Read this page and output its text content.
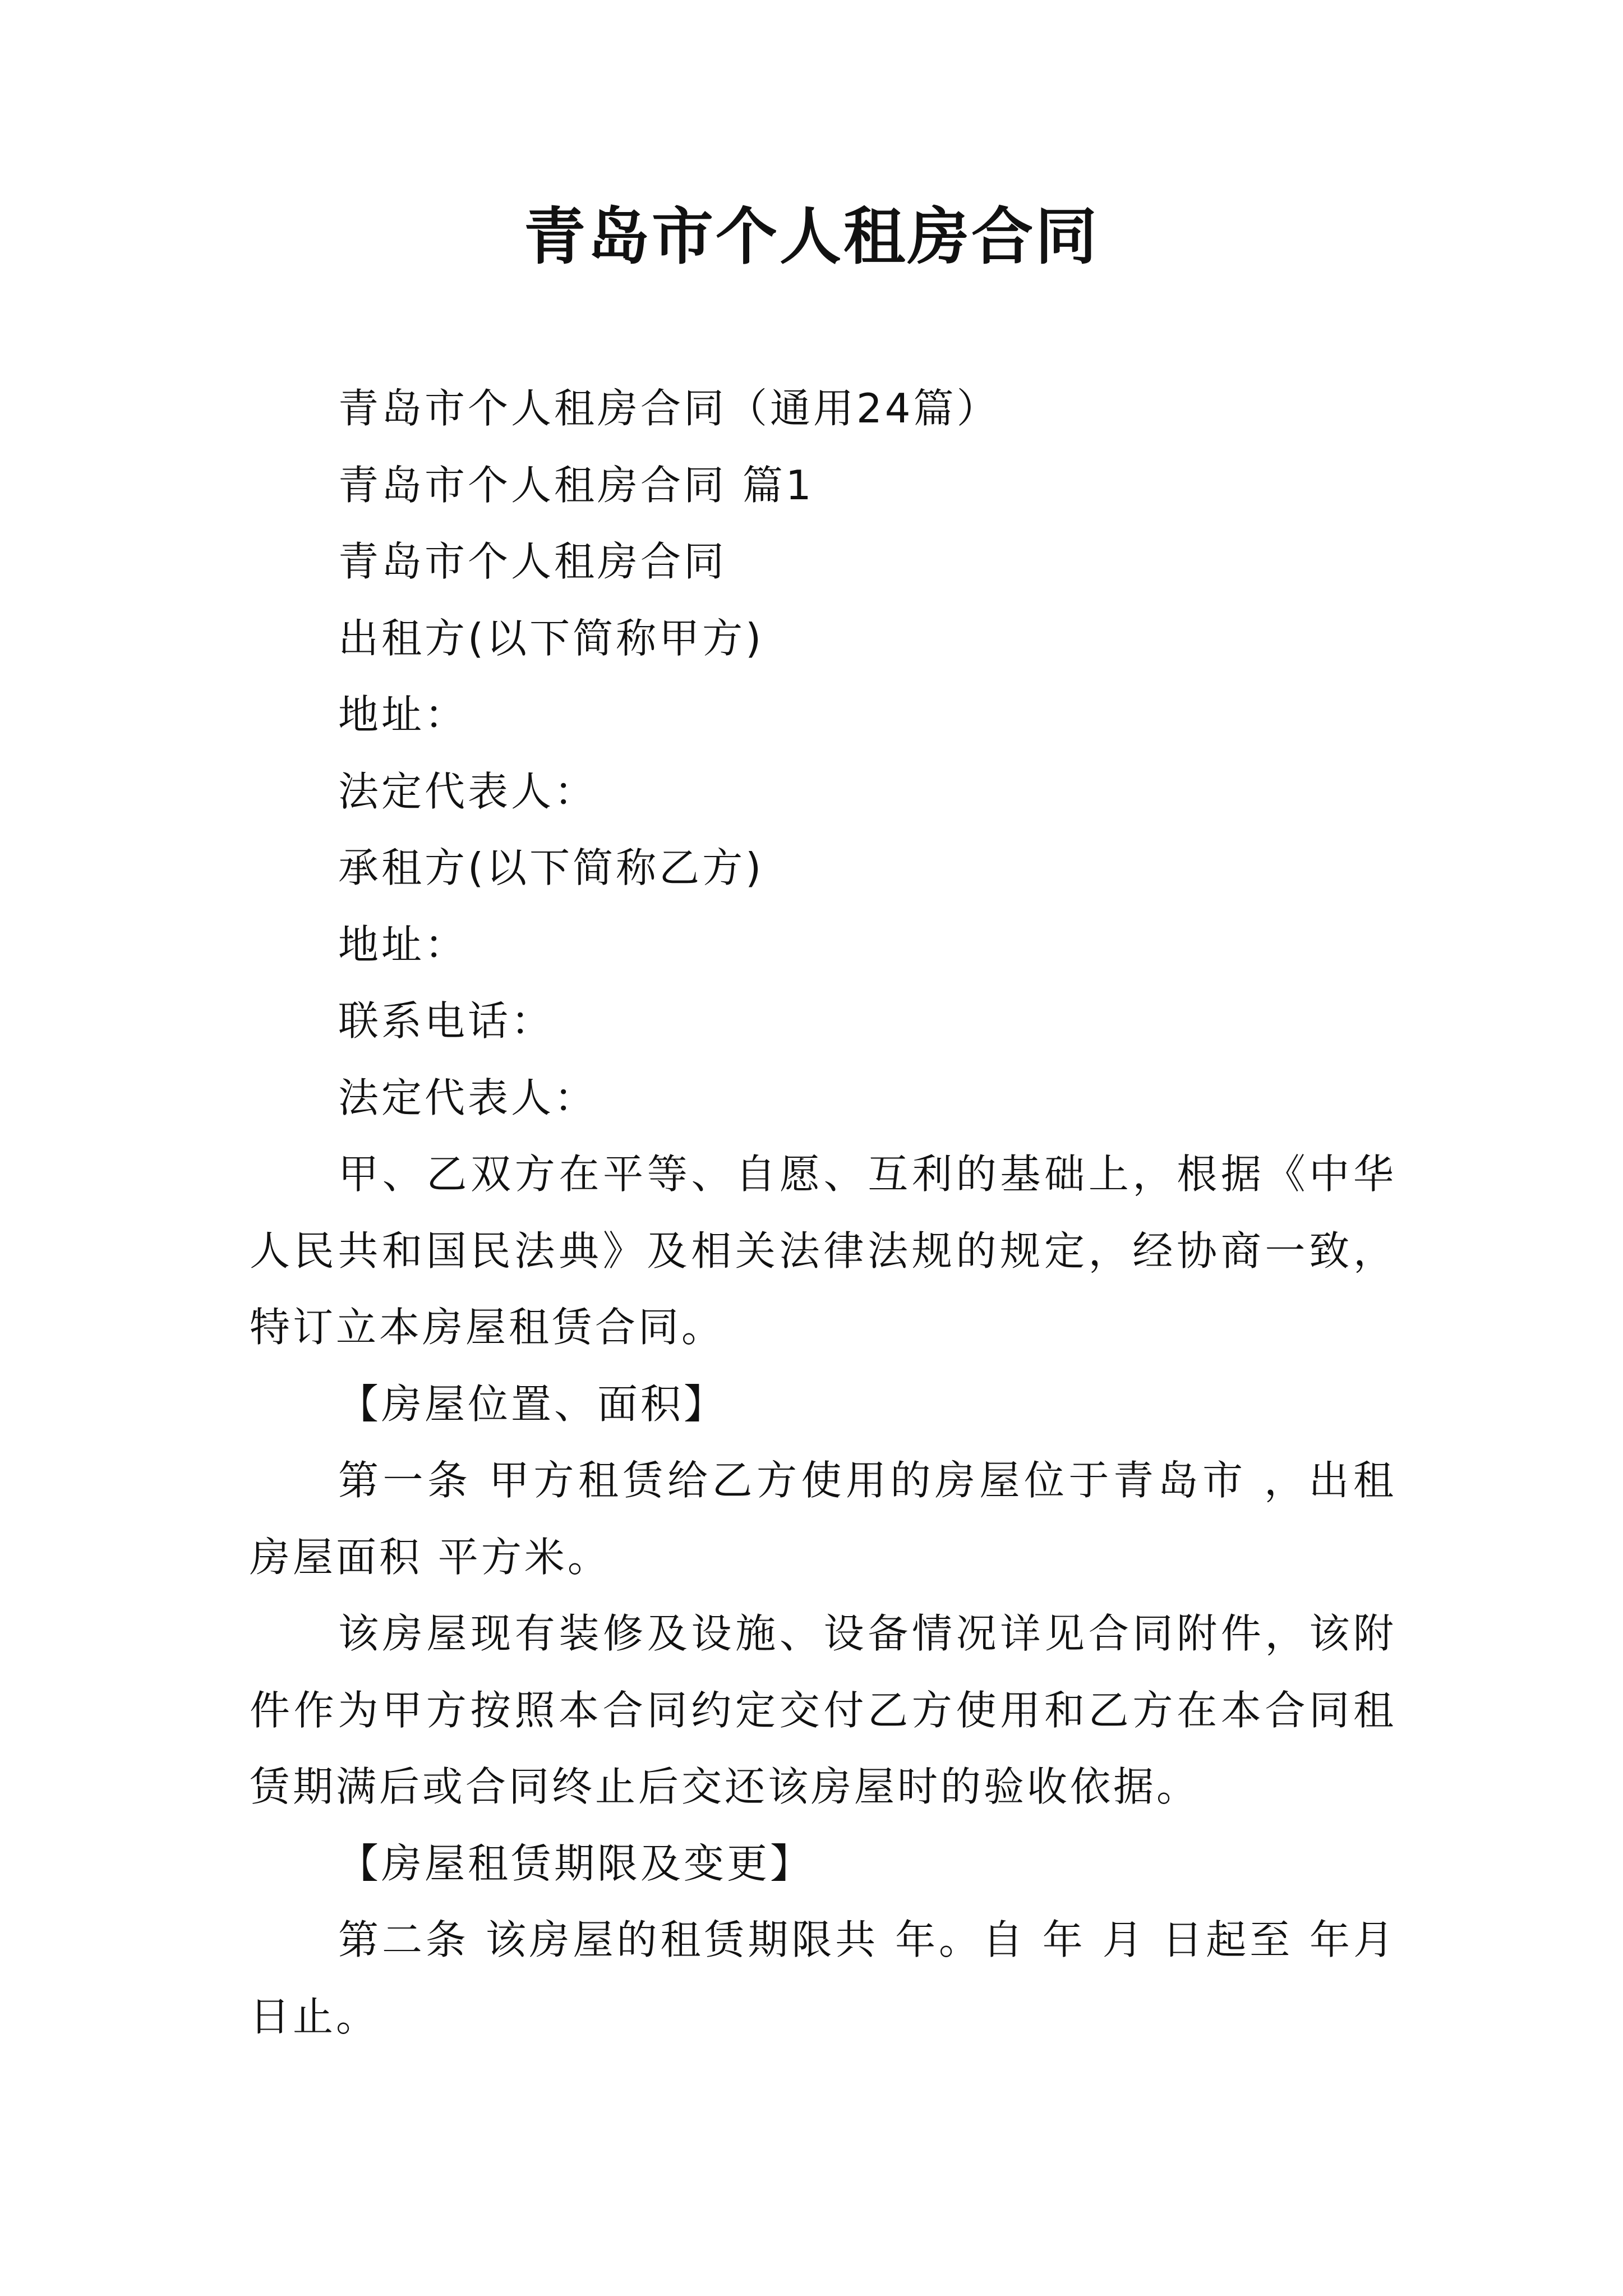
青岛市个人租房合同
青岛市个人租房合同（通用24篇）
青岛市个人租房合同 篇1
青岛市个人租房合同
出租方(以下简称甲方)
地址：
法定代表人：
承租方(以下简称乙方)
地址：
联系电话：
法定代表人：

甲、乙双方在平等、自愿、互利的基础上，根据《中华人民共和国民法典》及相关法律法规的规定，经协商一致，特订立本房屋租赁合同。

【房屋位置、面积】

第一条 甲方租赁给乙方使用的房屋位于青岛市 ，出租房屋面积 平方米。

该房屋现有装修及设施、设备情况详见合同附件，该附件作为甲方按照本合同约定交付乙方使用和乙方在本合同租赁期满后或合同终止后交还该房屋时的验收依据。

【房屋租赁期限及变更】

第二条 该房屋的租赁期限共 年。自 年 月 日起至 年月 日止。
